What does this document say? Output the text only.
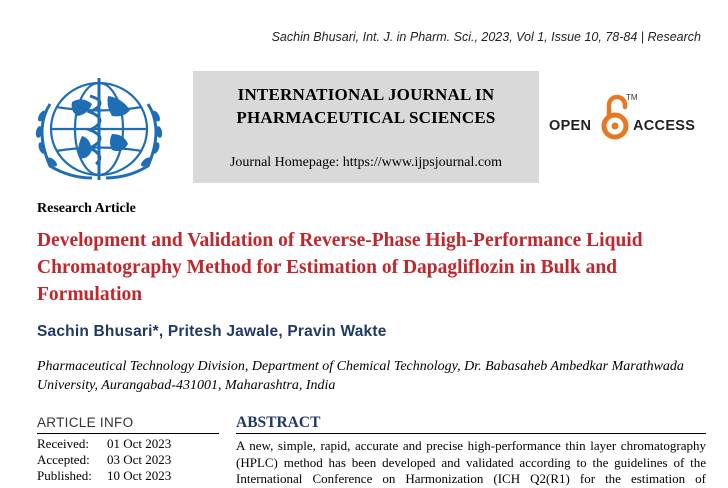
Sachin Bhusari, Int. J. in Pharm. Sci., 2023, Vol 1, Issue 10, 78-84 | Research
INTERNATIONAL JOURNAL IN
PHARMACEUTICAL SCIENCES
Journal Homepage: https://www.ijpsjournal.com
OPEN
TM
ACCESS
Research Article
Development and Validation of Reverse-Phase High-Performance Liquid Chromatography Method for Estimation of Dapagliflozin in Bulk and Formulation
Sachin Bhusari*, Pritesh Jawale, Pravin Wakte
Pharmaceutical Technology Division, Department of Chemical Technology, Dr. Babasaheb Ambedkar Marathwada University, Aurangabad-431001, Maharashtra, India
ARTICLE INFO
Received:	01 Oct 2023
Accepted:	03 Oct 2023
Published:	10 Oct 2023
ABSTRACT
A new, simple, rapid, accurate and precise high-performance thin layer chromatography (HPLC) method has been developed and validated according to the guidelines of the International Conference on Harmonization (ICH Q2(R1) for the estimation of
